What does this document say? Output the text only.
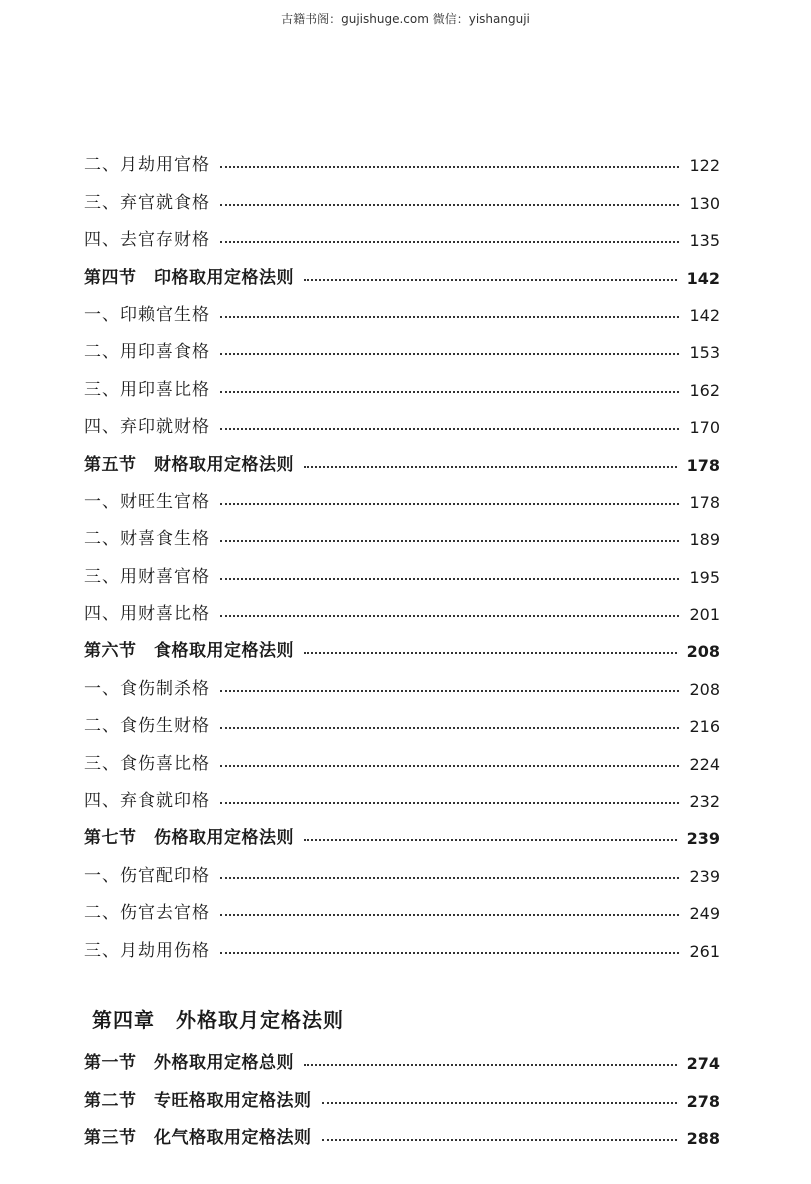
古籍书阁：gujishuge.com 微信：yishanguji
二、月劫用官格	122
三、弃官就食格	130
四、去官存财格	135
第四节　印格取用定格法则	142
一、印赖官生格	142
二、用印喜食格	153
三、用印喜比格	162
四、弃印就财格	170
第五节　财格取用定格法则	178
一、财旺生官格	178
二、财喜食生格	189
三、用财喜官格	195
四、用财喜比格	201
第六节　食格取用定格法则	208
一、食伤制杀格	208
二、食伤生财格	216
三、食伤喜比格	224
四、弃食就印格	232
第七节　伤格取用定格法则	239
一、伤官配印格	239
二、伤官去官格	249
三、月劫用伤格	261
第四章　外格取月定格法则
第一节　外格取用定格总则	274
第二节　专旺格取用定格法则	278
第三节　化气格取用定格法则	288
